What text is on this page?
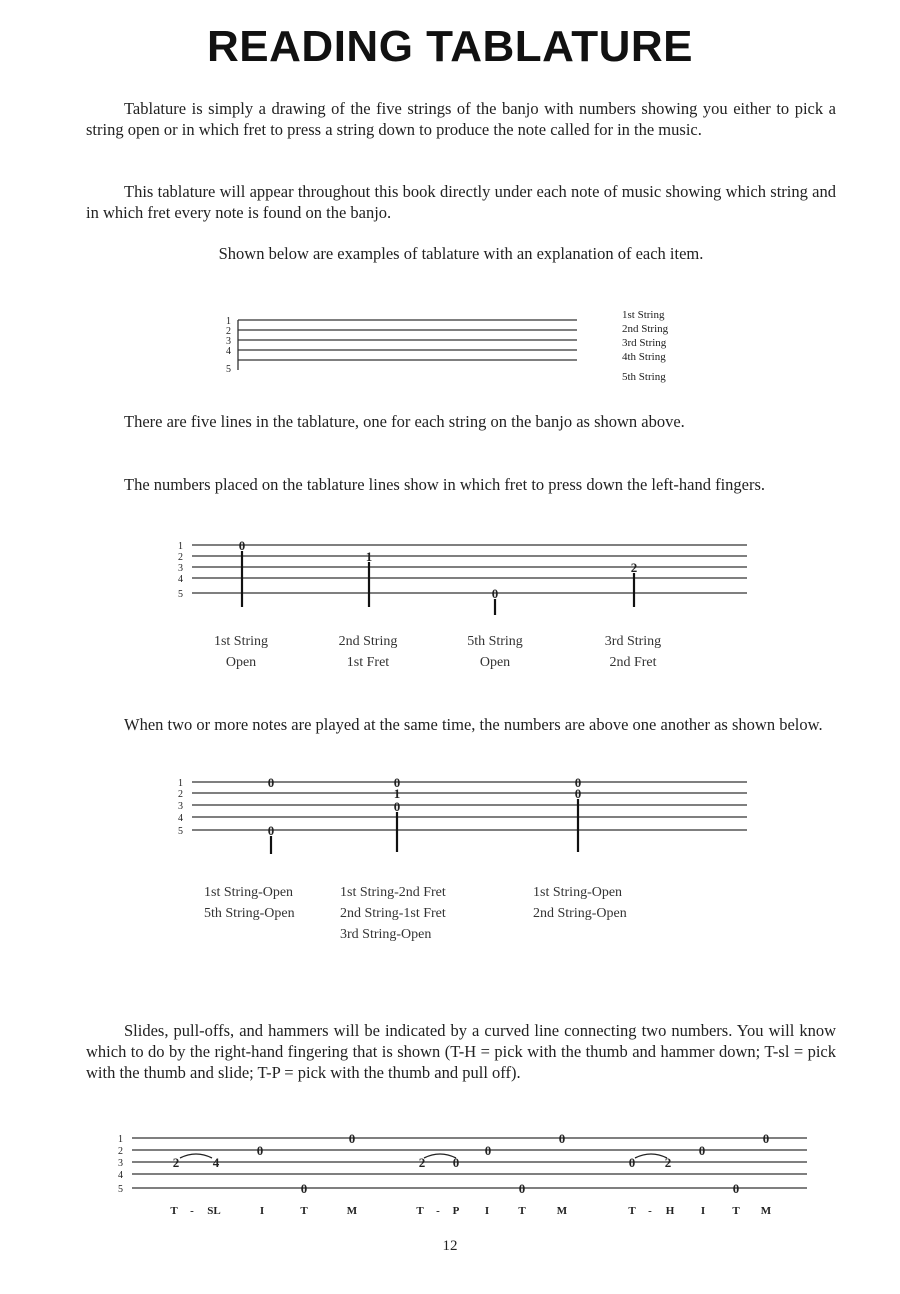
READING TABLATURE
Tablature is simply a drawing of the five strings of the banjo with numbers showing you either to pick a string open or in which fret to press a string down to produce the note called for in the music.
This tablature will appear throughout this book directly under each note of music showing which string and in which fret every note is found on the banjo.
Shown below are examples of tablature with an explanation of each item.
1
2
3
4
5
1st String
2nd String
3rd String
4th String
5th String
There are five lines in the tablature, one for each string on the banjo as shown above.
The numbers placed on the tablature lines show in which fret to press down the left-hand fingers.
1
2
3
4
5
0
1
0
2
1st String
Open
2nd String
1st Fret
5th String
Open
3rd String
2nd Fret
When two or more notes are played at the same time, the numbers are above one another as shown below.
1
2
3
4
5
0
0
0
1
0
0
0
1st String-Open
5th String-Open
1st String-2nd Fret
2nd String-1st Fret
3rd String-Open
1st String-Open
2nd String-Open
Slides, pull-offs, and hammers will be indicated by a curved line connecting two numbers. You will know which to do by the right-hand fingering that is shown (T-H = pick with the thumb and hammer down; T-sl = pick with the thumb and slide; T-P = pick with the thumb and pull off).
1
2
3
4
5
2	4
0
0
0
2 0
0
0
0
0 2
0
0
0
T - SL	I	T	M	T - P I	T	M	T - H I T M
12
